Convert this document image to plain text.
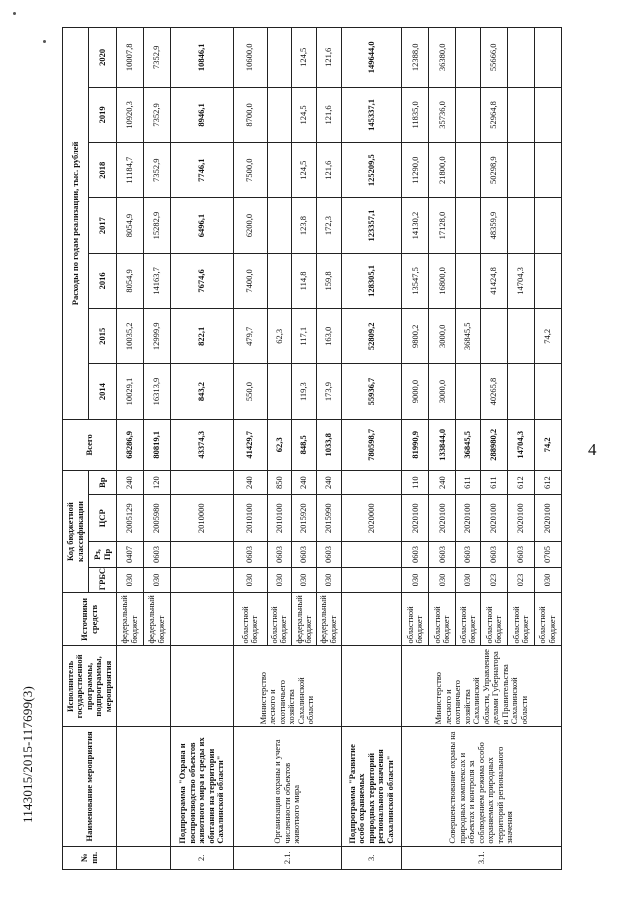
4
1143015/2015-117699(3)
№ пп.	Наименование мероприятия	Исполнитель государственной программы, подпрограммы, мероприятия	Источники средств	Код бюджетной классификации				Всего	Расходы по годам реализации, тыс. рублей						
				ГРБС	Рз, Пр	ЦСР	Вр		2014	2015	2016	2017	2018	2019	2020

			федеральный бюджет	030	0407	2005129	240	68286,9	10029,1	10035,2	8054,9	8054,9	11184,7	10920,3	10007,8
			федеральный бюджет	030	0603	2005980	120	80819,1	16313,9	12999,9	14163,7	15282,9	7352,9	7352,9	7352,9
2.	Подпрограмма "Охрана и воспроизводство объектов животного мира и среды их обитания на территории Сахалинской области"					2010000		43374,3	843,2	822,1	7674,6	6496,1	7746,1	8946,1	10846,1
2.1.	Организация охраны и учета численности объектов животного мира	Министерство лесного и охотничьего хозяйства Сахалинской области	областной бюджет	030	0603	2010100	240	41429,7	550,0	479,7	7400,0	6200,0	7500,0	8700,0	10600,0
			областной бюджет	030	0603	2010100	850	62,3		62,3					
			федеральный бюджет	030	0603	2015920	240	848,5	119,3	117,1	114,8	123,8	124,5	124,5	124,5
			федеральный бюджет	030	0603	2015990	240	1033,8	173,9	163,0	159,8	172,3	121,6	121,6	121,6
3.	Подпрограмма "Развитие особо охраняемых природных территорий регионального значения Сахалинской области"					2020000		780598,7	55936,7	52809,2	128305,1	123357,1	125209,5	145337,1	149644,0
3.1.	Совершенствование охраны на природных комплексах и объектах и контроля за соблюдением режима особо охраняемых природных территорий регионального значения	Министерство лесного и охотничьего хозяйства Сахалинской области, Управление делами Губернатора и Правительства Сахалинской области	областной бюджет	030	0603	2020100	110	81990,9	9000,0	9800,2	13547,5	14130,2	11290,0	11835,0	12388,0
			областной бюджет	030	0603	2020100	240	133844,0	3000,0	3000,0	16800,0	17128,0	21800,0	35736,0	36380,0
			областной бюджет	030	0603	2020100	611	36845,5		36845,5					
			областной бюджет	023	0603	2020100	611	288980,2	40265,8		41424,8	48359,9	50298,9	52964,8	55666,0
			областной бюджет	023	0603	2020100	612	14704,3			14704,3				
			областной бюджет	030	0705	2020100	612	74,2		74,2					
